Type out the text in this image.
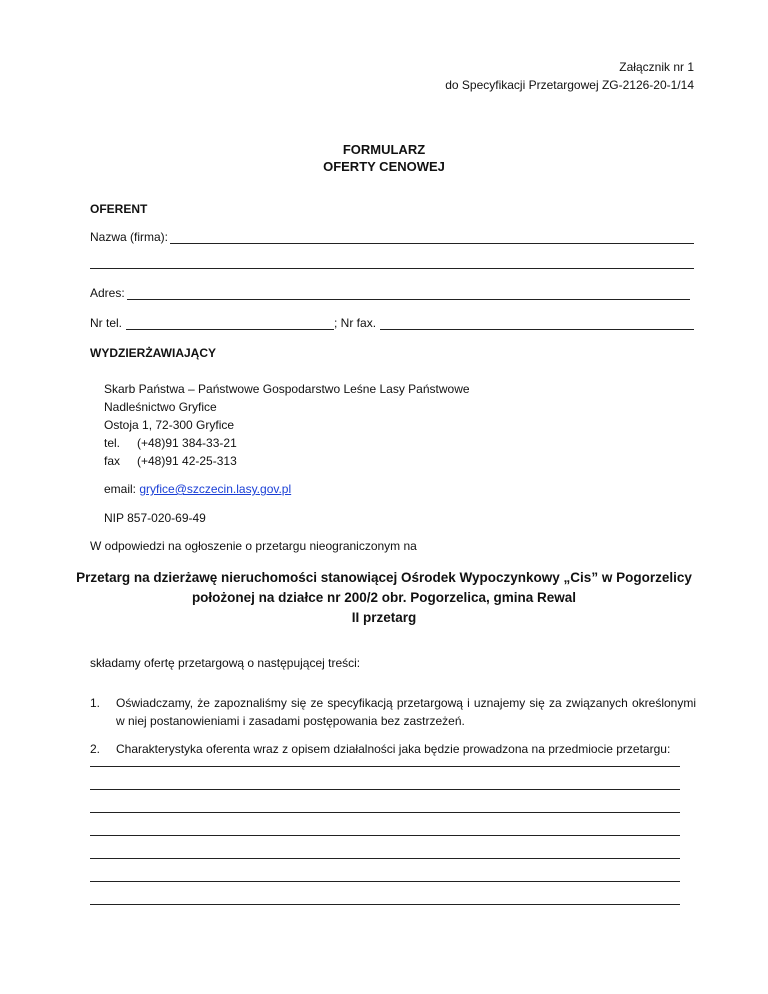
Załącznik nr 1
do Specyfikacji Przetargowej ZG-2126-20-1/14
FORMULARZ
OFERTY CENOWEJ
OFERENT
Nazwa (firma):
Adres:
Nr tel.	; Nr fax.
WYDZIERŻAWIAJĄCY
Skarb Państwa – Państwowe Gospodarstwo Leśne Lasy Państwowe
Nadleśnictwo Gryfice
Ostoja 1, 72-300 Gryfice
tel.	(+48)91 384-33-21
fax	(+48)91 42-25-313
email: gryfice@szczecin.lasy.gov.pl
NIP 857-020-69-49
W odpowiedzi na ogłoszenie o przetargu nieograniczonym na
Przetarg na dzierżawę nieruchomości stanowiącej Ośrodek Wypoczynkowy „Cis” w Pogorzelicy
położonej na działce nr 200/2 obr. Pogorzelica, gmina Rewal
II przetarg
składamy ofertę przetargową o następującej treści:
1.	Oświadczamy, że zapoznaliśmy się ze specyfikacją przetargową i uznajemy się za związanych określonymi w niej postanowieniami i zasadami postępowania bez zastrzeżeń.
2.	Charakterystyka oferenta wraz z opisem działalności jaka będzie prowadzona na przedmiocie przetargu:
